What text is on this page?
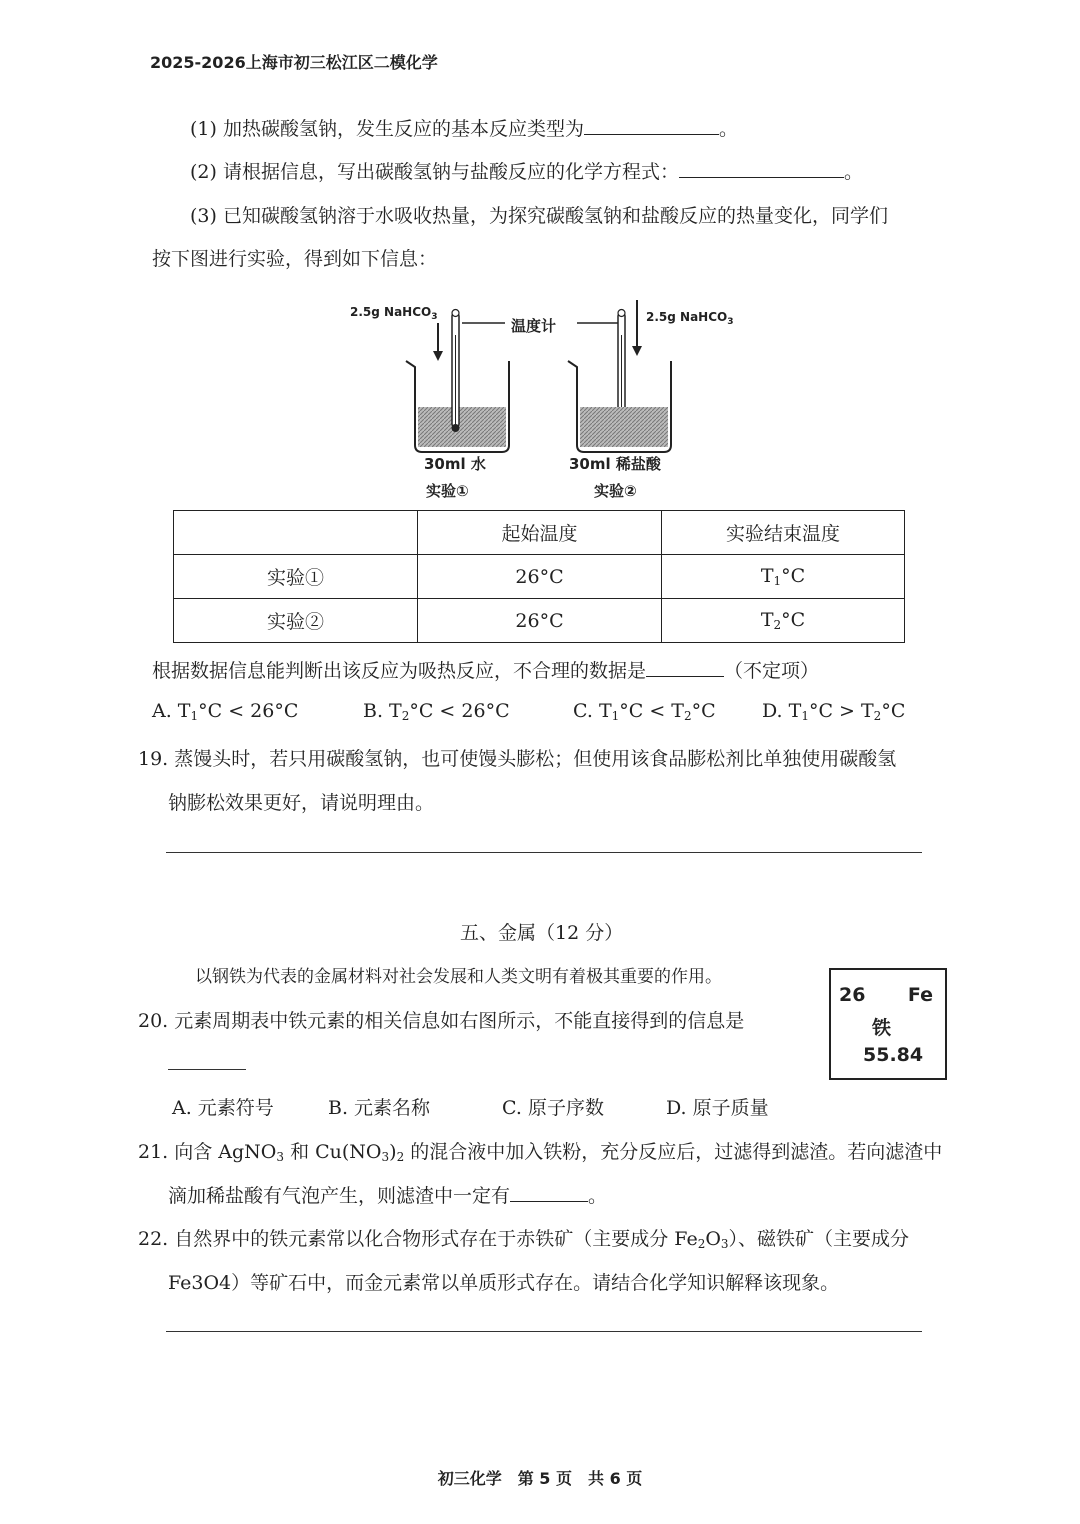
2025-2026上海市初三松江区二模化学
(1) 加热碳酸氢钠，发生反应的基本反应类型为	。
(2) 请根据信息，写出碳酸氢钠与盐酸反应的化学方程式：	。
(3) 已知碳酸氢钠溶于水吸收热量，为探究碳酸氢钠和盐酸反应的热量变化，同学们
按下图进行实验，得到如下信息：
2.5g NaHCO$_3$	2.5g NaHCO$_3$
温度计
30ml 水	30ml 稀盐酸
实验①	实验②
	起始温度	实验结束温度
实验①	26°C	$T_1^\circ C$
实验②	26°C	$T_2^\circ C$
根据数据信息能判断出该反应为吸热反应，不合理的数据是	（不定项）
A. $T_1^\circ C < 26^\circ C$	B. $T_2^\circ C < 26^\circ C$	C. $T_1^\circ C < T_2^\circ C$ D. $T_1^\circ C > T_2^\circ C$
19. 蒸馒头时，若只用碳酸氢钠，也可使馒头膨松；但使用该食品膨松剂比单独使用碳酸氢
钠膨松效果更好，请说明理由。
五、金属（12 分）
以钢铁为代表的金属材料对社会发展和人类文明有着极其重要的作用。
26 Fe
铁
55.84
20. 元素周期表中铁元素的相关信息如右图所示，不能直接得到的信息是
A. 元素符号	B. 元素名称	C. 原子序数	D. 原子质量
21. 向含 AgNO$_3$ 和 $Cu(NO_3)_2$ 的混合液中加入铁粉，充分反应后，过滤得到滤渣。若向滤渣中
滴加稀盐酸有气泡产生，则滤渣中一定有	。
22. 自然界中的铁元素常以化合物形式存在于赤铁矿（主要成分 $Fe_2O_3$）、磁铁矿（主要成分
Fe3O4）等矿石中，而金元素常以单质形式存在。请结合化学知识解释该现象。
初三化学　第 5 页　共 6 页
